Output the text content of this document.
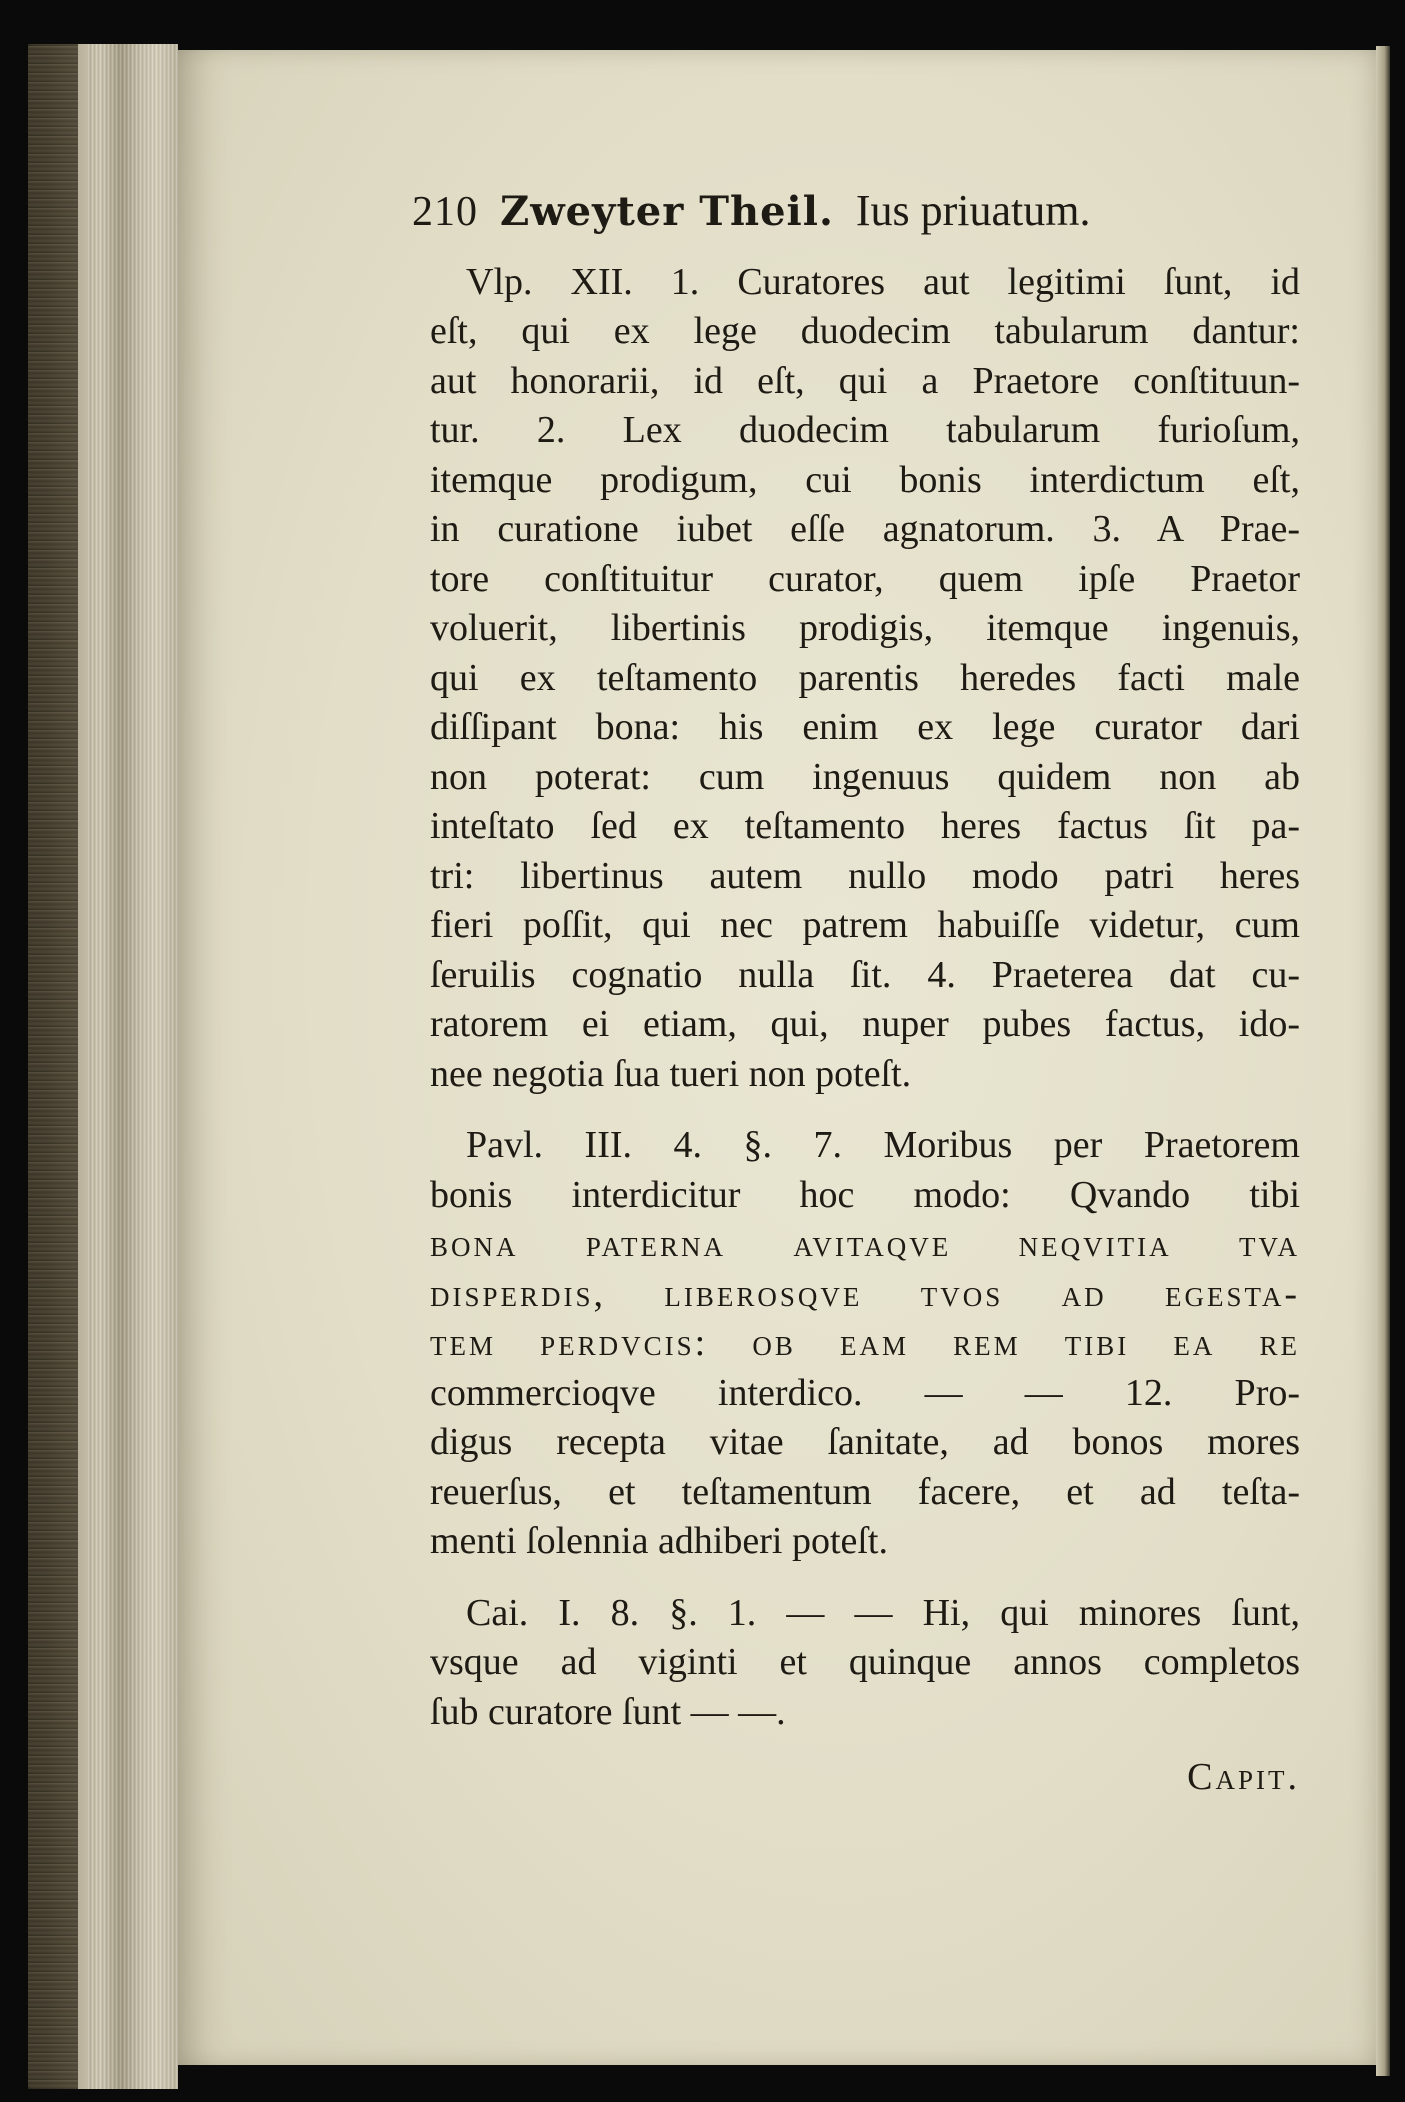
210 Zweyter Theil. Ius priuatum.
Vlp. XII. 1. Curatores aut legitimi ſunt, id
eſt, qui ex lege duodecim tabularum dantur:
aut honorarii, id eſt, qui a Praetore conſtituun-
tur. 2. Lex duodecim tabularum furioſum,
itemque prodigum, cui bonis interdictum eſt,
in curatione iubet eſſe agnatorum. 3. A Prae-
tore conſtituitur curator, quem ipſe Praetor
voluerit, libertinis prodigis, itemque ingenuis,
qui ex teſtamento parentis heredes facti male
diſſipant bona: his enim ex lege curator dari
non poterat: cum ingenuus quidem non ab
inteſtato ſed ex teſtamento heres factus ſit pa-
tri: libertinus autem nullo modo patri heres
fieri poſſit, qui nec patrem habuiſſe videtur, cum
ſeruilis cognatio nulla ſit. 4. Praeterea dat cu-
ratorem ei etiam, qui, nuper pubes factus, ido-
nee negotia ſua tueri non poteſt.
Pavl. III. 4. §. 7. Moribus per Praetorem
bonis interdicitur hoc modo: Qvando tibi
bona paterna avitaqve neqvitia tva
disperdis, liberosqve tvos ad egesta-
tem perdvcis: ob eam rem tibi ea re
commercioqve interdico. — — 12. Pro-
digus recepta vitae ſanitate, ad bonos mores
reuerſus, et teſtamentum facere, et ad teſta-
menti ſolennia adhiberi poteſt.
Cai. I. 8. §. 1. — — Hi, qui minores ſunt,
vsque ad viginti et quinque annos completos
ſub curatore ſunt — —.
Capit.
